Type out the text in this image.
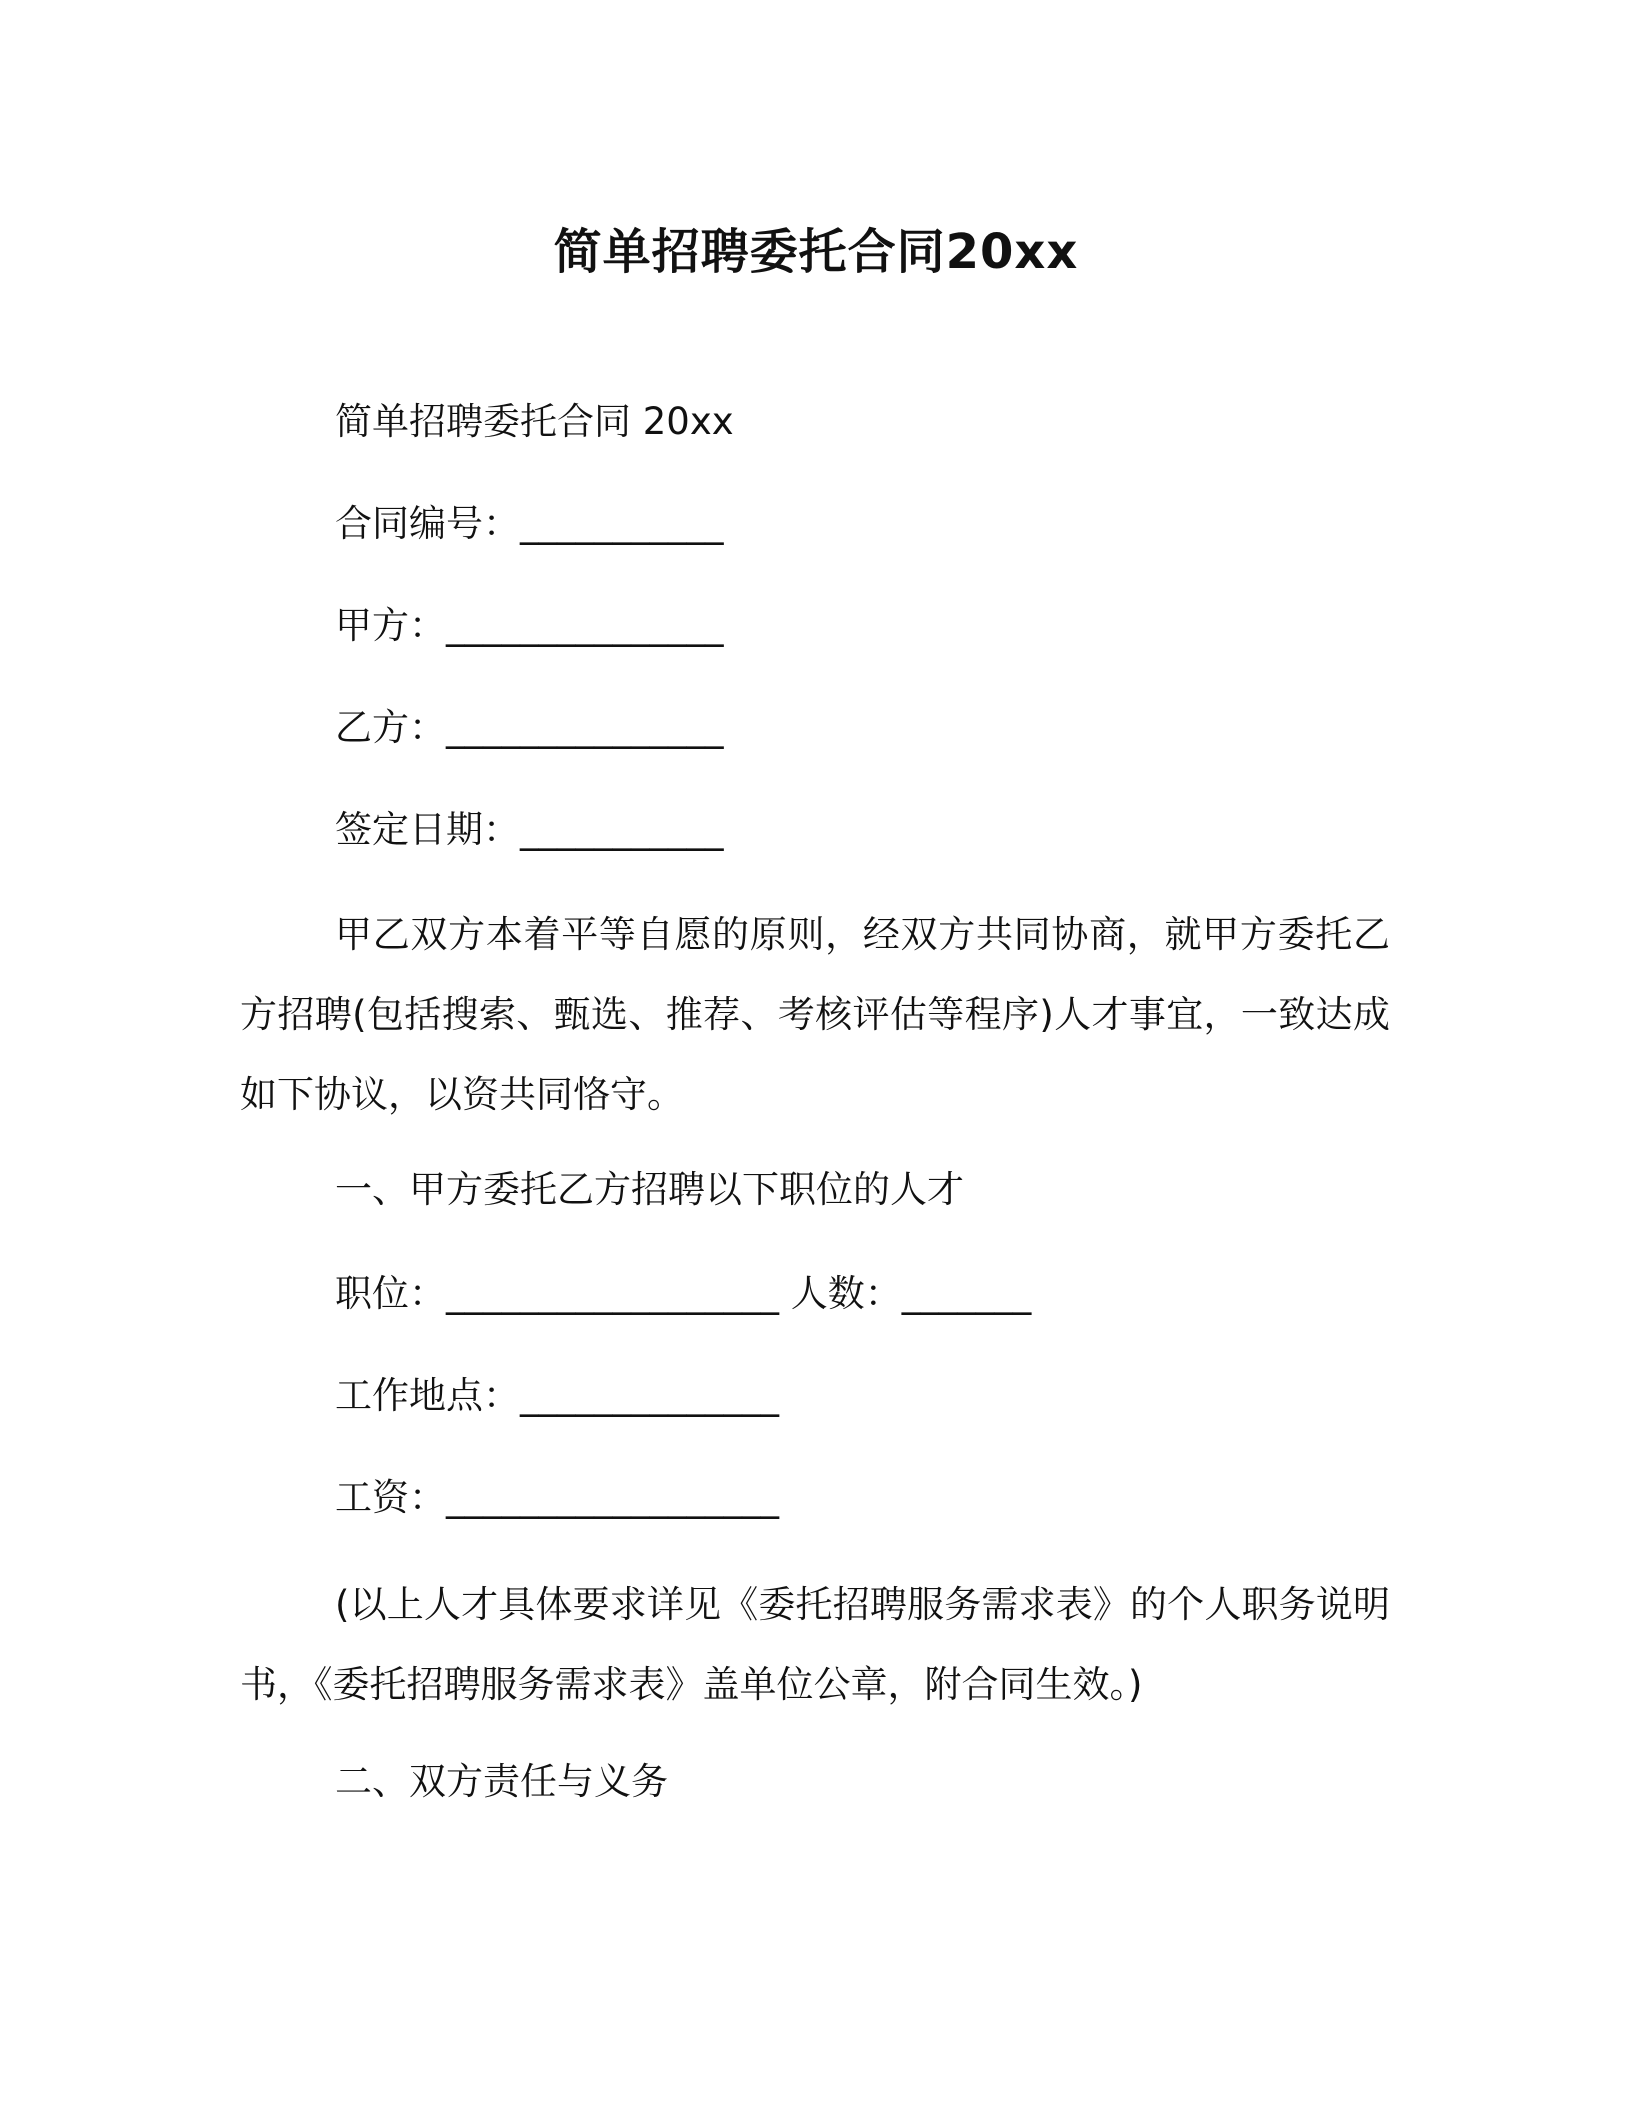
简单招聘委托合同20xx
简单招聘委托合同 20xx
合同编号：___________
甲方：_______________
乙方：_______________
签定日期：___________
甲乙双方本着平等自愿的原则，经双方共同协商，就甲方委托乙方招聘(包括搜索、甄选、推荐、考核评估等程序)人才事宜，一致达成如下协议，以资共同恪守。
一、甲方委托乙方招聘以下职位的人才
职位：__________________ 人数：_______
工作地点：______________
工资：__________________
(以上人才具体要求详见《委托招聘服务需求表》的个人职务说明书，《委托招聘服务需求表》盖单位公章，附合同生效。)
二、双方责任与义务
